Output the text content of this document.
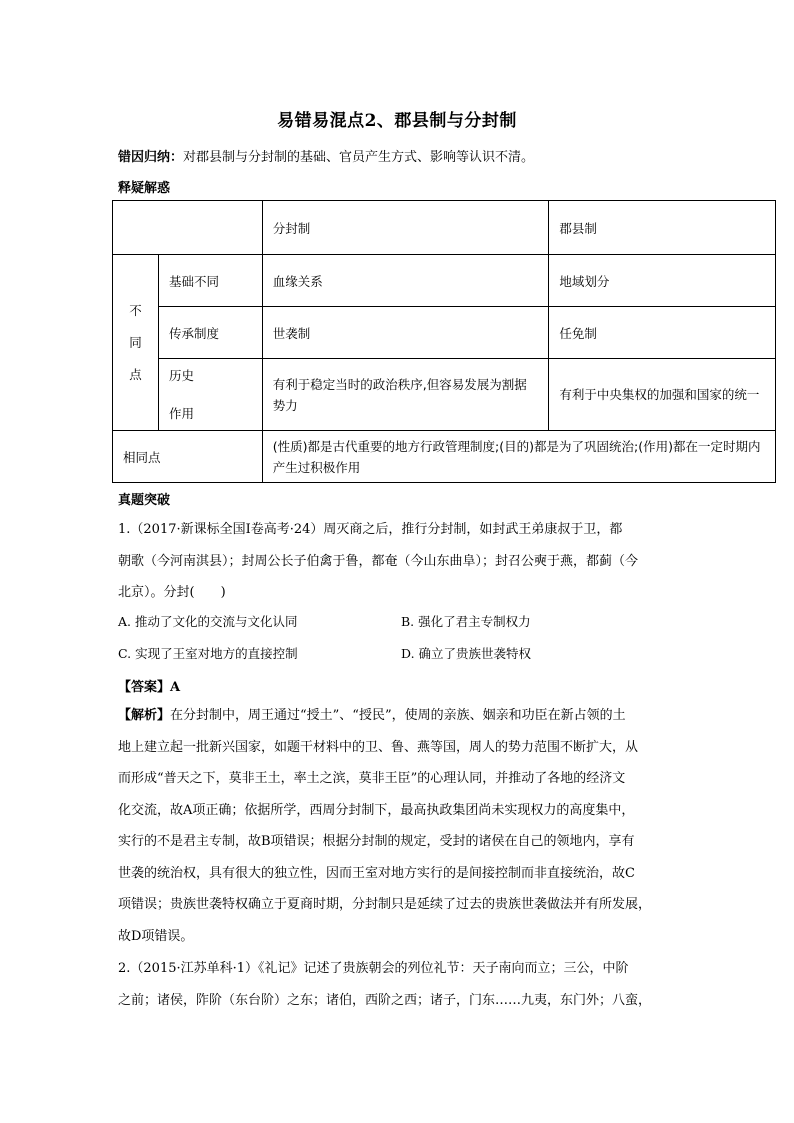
易错易混点2、郡县制与分封制
错因归纳：对郡县制与分封制的基础、官员产生方式、影响等认识不清。
释疑解惑
		分封制	郡县制

不
同
点	基础不同	血缘关系	地域划分
	传承制度	世袭制	任免制

	历史
作用	有利于稳定当时的政治秩序,但容易发展为割据势力	有利于中央集权的加强和国家的统一
相同点		(性质)都是古代重要的地方行政管理制度;(目的)都是为了巩固统治;(作用)都在一定时期内产生过积极作用	
真题突破

1.（2017·新课标全国Ⅰ卷高考·24）周灭商之后，推行分封制，如封武王弟康叔于卫，都

朝歌（今河南淇县）；封周公长子伯禽于鲁，都奄（今山东曲阜）；封召公奭于燕，都蓟（今

北京）。分封(　　)

A. 推动了文化的交流与文化认同	B. 强化了君主专制权力
C. 实现了王室对地方的直接控制	D. 确立了贵族世袭特权
【答案】A

【解析】在分封制中，周王通过“授土”、“授民”，使周的亲族、姻亲和功臣在新占领的土

地上建立起一批新兴国家，如题干材料中的卫、鲁、燕等国，周人的势力范围不断扩大，从

而形成“普天之下，莫非王土，率土之滨，莫非王臣”的心理认同，并推动了各地的经济文

化交流，故A项正确；依据所学，西周分封制下，最高执政集团尚未实现权力的高度集中，

实行的不是君主专制，故B项错误；根据分封制的规定，受封的诸侯在自己的领地内，享有

世袭的统治权，具有很大的独立性，因而王室对地方实行的是间接控制而非直接统治，故C

项错误；贵族世袭特权确立于夏商时期，分封制只是延续了过去的贵族世袭做法并有所发展，

故D项错误。

2.（2015·江苏单科·1）《礼记》记述了贵族朝会的列位礼节：天子南向而立；三公，中阶

之前；诸侯，阼阶（东台阶）之东；诸伯，西阶之西；诸子，门东……九夷，东门外；八蛮，
